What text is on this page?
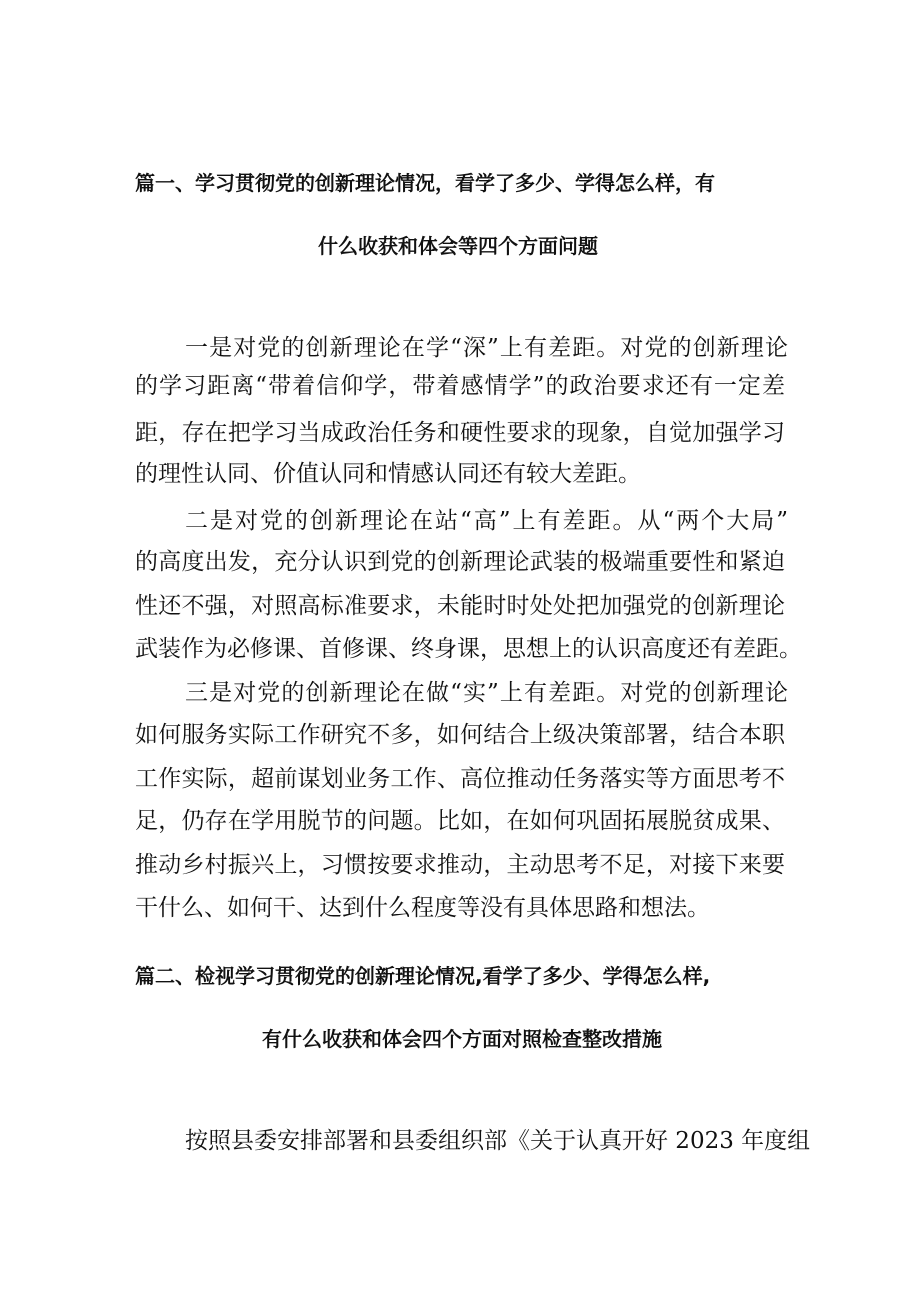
篇一、学习贯彻党的创新理论情况，看学了多少、学得怎么样，有
什么收获和体会等四个方面问题
一是对党的创新理论在学“深”上有差距。对党的创新理论
的学习距离“带着信仰学，带着感情学”的政治要求还有一定差
距，存在把学习当成政治任务和硬性要求的现象，自觉加强学习
的理性认同、价值认同和情感认同还有较大差距。
二是对党的创新理论在站“高”上有差距。从“两个大局”
的高度出发，充分认识到党的创新理论武装的极端重要性和紧迫
性还不强，对照高标准要求，未能时时处处把加强党的创新理论
武装作为必修课、首修课、终身课，思想上的认识高度还有差距。
三是对党的创新理论在做“实”上有差距。对党的创新理论
如何服务实际工作研究不多，如何结合上级决策部署，结合本职
工作实际，超前谋划业务工作、高位推动任务落实等方面思考不
足，仍存在学用脱节的问题。比如，在如何巩固拓展脱贫成果、
推动乡村振兴上，习惯按要求推动，主动思考不足，对接下来要
干什么、如何干、达到什么程度等没有具体思路和想法。
篇二、检视学习贯彻党的创新理论情况,看学了多少、学得怎么样,
有什么收获和体会四个方面对照检查整改措施
按照县委安排部署和县委组织部《关于认真开好 2023 年度组
